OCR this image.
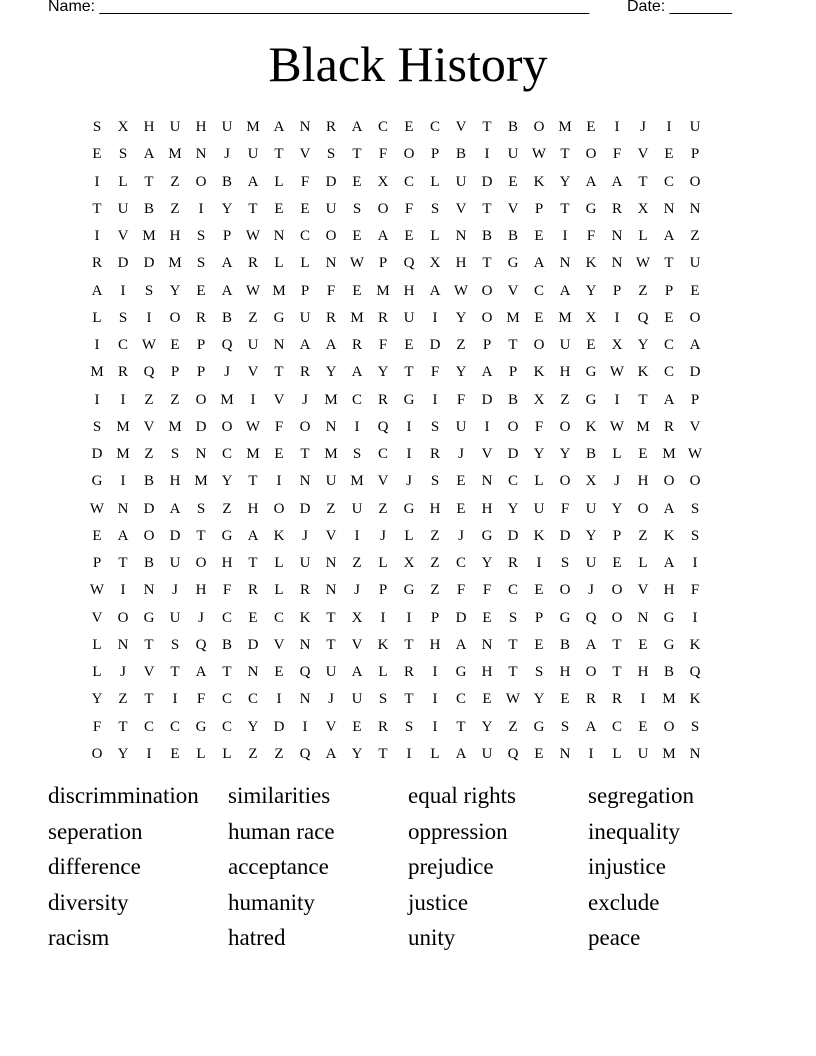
Name: _______________________________________________________ Date: _______
Black History
S	X	H	U	H	U M A	N	R	A	C	E	C	V	T	B	O M E	I	J	I	U
E	S	A M N	J	U	T	V	S	T	F	O	P	B	I	U W T	O	F	V	E	P
I	L	T	Z	O	B	A	L	F	D	E	X	C	L	U	D	E	K	Y	A	A	T	C	O
T	U	B	Z	I	Y	T	E	E	U	S	O	F	S	V	T	V	P	T	G	R	X	N	N
I	V M H	S	P W N	C	O	E	A	E	L	N	B	B	E	I	F	N	L	A	Z
R	D	D M	S	A	R	L	L	N W P	Q	X	H	T	G	A	N	K	N W T	U
A	I	S	Y	E	A W M	P	F	E M H	A W O	V	C	A	Y	P	Z	P	E
L	S	I	O	R	B	Z	G	U	R M R	U	I	Y	O M E M X	I	Q	E	O
I	C W E	P	Q	U	N	A	A	R	F	E	D	Z	P	T	O	U	E	X	Y	C	A
M R	Q	P	P	J	V	T	R	Y	A	Y	T	F	Y	A	P	K	H	G W K	C	D
I	I	Z	Z	O M	I	V	J	M C	R	G	I	F	D	B	X	Z	G	I	T	A	P
S	M V M D	O W F	O	N	I	Q	I	S	U	I	O	F	O	K W M R	V
D M Z	S	N	C M E	T M	S	C	I	R	J	V	D	Y	Y	B	L	E M W
G	I	B	H M Y	T	I	N	U M V	J	S	E	N	C	L	O	X	J	H	O	O
W N	D	A	S	Z	H	O	D	Z	U	Z	G	H	E	H	Y	U	F	U	Y	O	A	S
E	A	O	D	T	G	A	K	J	V	I	J	L	Z	J	G	D	K	D	Y	P	Z	K	S
P	T	B	U	O	H	T	L	U	N	Z	L	X	Z	C	Y	R	I	S	U	E	L	A	I
W	I	N	J	H	F	R	L	R	N	J	P	G	Z	F	F	C	E	O	J	O	V	H	F
V	O	G	U	J	C	E	C	K	T	X	I	I	P	D	E	S	P	G	Q	O	N	G	I
L	N	T	S	Q	B	D	V	N	T	V	K	T	H	A	N	T	E	B	A	T	E	G	K
L	J	V	T	A	T	N	E	Q	U	A	L	R	I	G	H	T	S	H	O	T	H	B	Q
Y	Z	T	I	F	C	C	I	N	J	U	S	T	I	C	E W Y	E	R	R	I	M K
F	T	C	C	G	C	Y	D	I	V	E	R	S	I	T	Y	Z	G	S	A	C	E	O	S
O	Y	I	E	L	L	Z	Z	Q	A	Y	T	I	L	A	U	Q	E	N	I	L	U M N
discrimmination	similarities	equal rights	segregation
seperation	human race	oppression	inequality
difference	acceptance	prejudice	injustice
diversity	humanity	justice	exclude
racism	hatred	unity	peace
